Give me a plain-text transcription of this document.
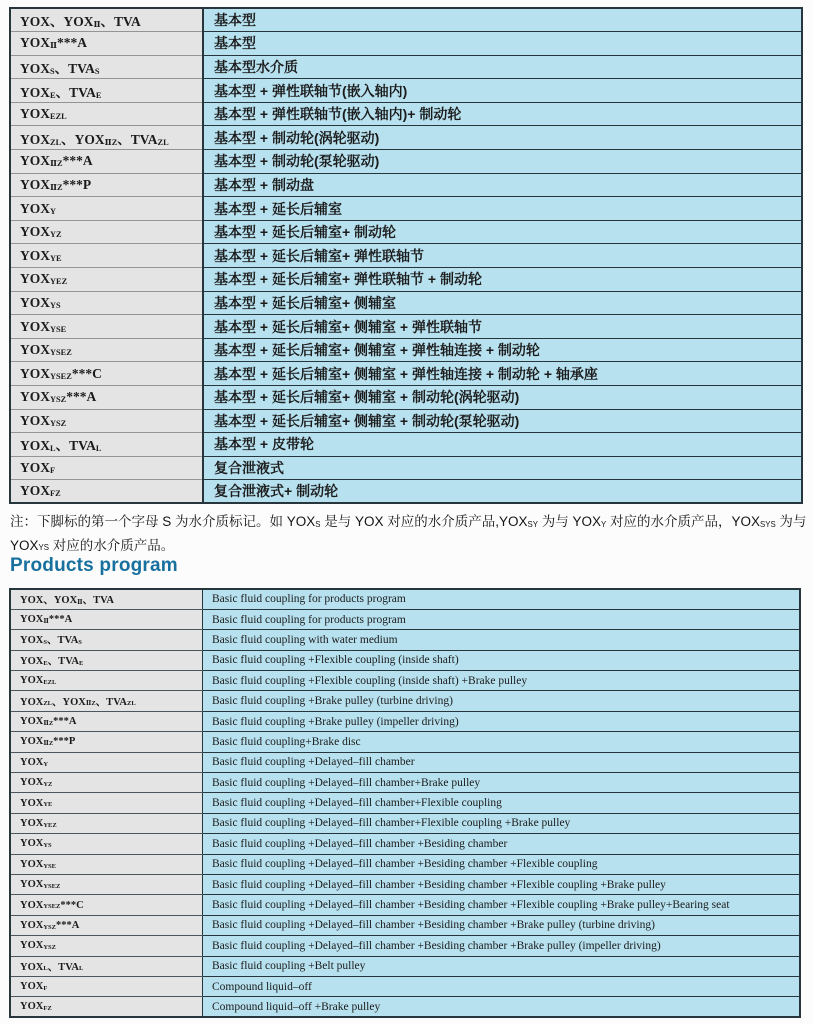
YOX、$YOX_Ⅱ$、TVA	基本型
$YOX_Ⅱ***A$	基本型
$YOX_S$、$TVA_S$	基本型水介质
$YOX_E$、$TVA_E$	基本型 + 弹性联轴节(嵌入轴内)
$YOX_{EZL}$	基本型 + 弹性联轴节(嵌入轴内)+ 制动轮
$YOX_{ZL}$、$YOX_{ⅡZ}$、$TVA_{ZL}$	基本型 + 制动轮(涡轮驱动)
$YOX_{ⅡZ}***A$	基本型 + 制动轮(泵轮驱动)
$YOX_{ⅡZ}***P$	基本型 + 制动盘
$YOX_Y$	基本型 + 延长后辅室
$YOX_{YZ}$	基本型 + 延长后辅室+ 制动轮
$YOX_{YE}$	基本型 + 延长后辅室+ 弹性联轴节
$YOX_{YEZ}$	基本型 + 延长后辅室+ 弹性联轴节 + 制动轮
$YOX_{YS}$	基本型 + 延长后辅室+ 侧辅室
$YOX_{YSE}$	基本型 + 延长后辅室+ 侧辅室 + 弹性联轴节
$YOX_{YSEZ}$	基本型 + 延长后辅室+ 侧辅室 + 弹性轴连接 + 制动轮
$YOX_{YSEZ}***C$	基本型 + 延长后辅室+ 侧辅室 + 弹性轴连接 + 制动轮 + 轴承座
$YOX_{YSZ}***A$	基本型 + 延长后辅室+ 侧辅室 + 制动轮(涡轮驱动)
$YOX_{YSZ}$	基本型 + 延长后辅室+ 侧辅室 + 制动轮(泵轮驱动)
$YOX_L$、$TVA_L$	基本型 + 皮带轮
$YOX_F$	复合泄液式
$YOX_{FZ}$	复合泄液式+ 制动轮

注：下脚标的第一个字母 S 为水介质标记。如 $YOX_S$ 是与 YOX 对应的水介质产品$,YOX_{SY}$ 为与 $YOX_Y$ 对应的水介质产品，$YOX_{SYS}$ 为与 $YOX_{YS}$ 对应的水介质产品。

Products program
YOX、$YOX_Ⅱ$、TVA	Basic fluid coupling for products program
$YOX_Ⅱ***A$	Basic fluid coupling for products program
$YOX_S$、$TVA_S$	Basic fluid coupling with water medium
$YOX_E$、$TVA_E$	Basic fluid coupling +Flexible coupling (inside shaft)
$YOX_{EZL}$	Basic fluid coupling +Flexible coupling (inside shaft) +Brake pulley
$YOX_{ZL}$、$YOX_{ⅡZ}$、$TVA_{ZL}$	Basic fluid coupling +Brake pulley (turbine driving)
$YOX_{ⅡZ}***A$	Basic fluid coupling +Brake pulley (impeller driving)
$YOX_{ⅡZ}***P$	Basic fluid coupling+Brake disc
$YOX_Y$	Basic fluid coupling +Delayed–fill chamber
$YOX_{YZ}$	Basic fluid coupling +Delayed–fill chamber+Brake pulley
$YOX_{YE}$	Basic fluid coupling +Delayed–fill chamber+Flexible coupling
$YOX_{YEZ}$	Basic fluid coupling +Delayed–fill chamber+Flexible coupling +Brake pulley
$YOX_{YS}$	Basic fluid coupling +Delayed–fill chamber +Besiding chamber
$YOX_{YSE}$	Basic fluid coupling +Delayed–fill chamber +Besiding chamber +Flexible coupling
$YOX_{YSEZ}$	Basic fluid coupling +Delayed–fill chamber +Besiding chamber +Flexible coupling +Brake pulley
$YOX_{YSEZ}***C$	Basic fluid coupling +Delayed–fill chamber +Besiding chamber +Flexible coupling +Brake pulley+Bearing seat
$YOX_{YSZ}***A$	Basic fluid coupling +Delayed–fill chamber +Besiding chamber +Brake pulley (turbine driving)
$YOX_{YSZ}$	Basic fluid coupling +Delayed–fill chamber +Besiding chamber +Brake pulley (impeller driving)
$YOX_L$、$TVA_L$	Basic fluid coupling +Belt pulley
$YOX_F$	Compound liquid–off
$YOX_{FZ}$	Compound liquid–off +Brake pulley
